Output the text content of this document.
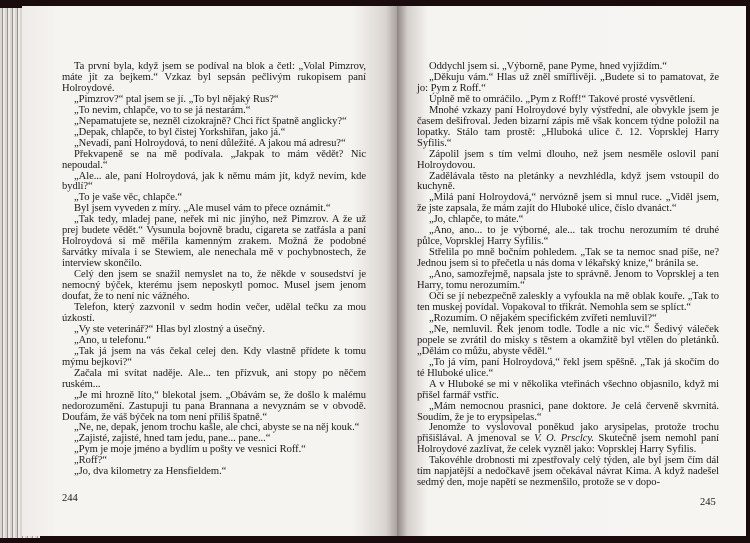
Ta první byla, když jsem se podíval na blok a četl: „Volal Pimzrov, máte jít za bejkem.“ Vzkaz byl sepsán pečlivým rukopisem paní Holroydové.

„Pimzrov?“ ptal jsem se jí. „To byl nějaký Rus?“

„To nevim, chlapče, vo to se já nestarám.“

„Nepamatujete se, nezněl cizokrajně? Chci říct špatně anglicky?“

„Depak, chlapče, to byl čistej Yorkshiřan, jako já.“

„Nevadí, paní Holroydová, to není důležité. A jakou má adresu?“

Překvapeně se na mě podívala. „Jakpak to mám vědět? Nic nepoudal.“

„Ale... ale, paní Holroydová, jak k němu mám jít, když nevím, kde bydlí?“

„To je vaše věc, chlapče.“

Byl jsem vyveden z míry. „Ale musel vám to přece oznámit.“

„Tak tedy, mladej pane, neřek mi nic jinýho, než Pimzrov. A že už prej budete vědět.“ Vysunula bojovně bradu, cigareta se zatřásla a paní Holroydová si mě měřila kamenným zrakem. Možná že podobné šarvátky mívala i se Stewiem, ale nenechala mě v pochybnostech, že interview skončilo.

Celý den jsem se snažil nemyslet na to, že někde v sousedství je nemocný býček, kterému jsem neposkytl pomoc. Musel jsem jenom doufat, že to není nic vážného.

Telefon, který zazvonil v sedm hodin večer, udělal tečku za mou úzkostí.

„Vy ste veterinář?“ Hlas byl zlostný a úsečný.

„Ano, u telefonu.“

„Tak já jsem na vás čekal celej den. Kdy vlastně přídete k tomu mýmu bejkovi?“

Začala mi svítat naděje. Ale... ten přízvuk, ani stopy po něčem ruském...

„Je mi hrozně líto,“ blekotal jsem. „Obávám se, že došlo k malému nedorozumění. Zastupuji tu pana Brannana a nevyznám se v obvodě. Doufám, že váš býček na tom není příliš špatně.“

„Ne, ne, depak, jenom trochu kašle, ale chci, abyste se na něj kouk.“

„Zajisté, zajisté, hned tam jedu, pane... pane...“

„Pym je moje jméno a bydlím u pošty ve vesnici Roff.“

„Roff?“

„Jo, dva kilometry za Hensfieldem.“

244

Oddychl jsem si. „Výborně, pane Pyme, hned vyjíždím.“

„Děkuju vám.“ Hlas už zněl smířlivěji. „Budete si to pamatovat, že jo: Pym z Roff.“

Úplně mě to omráčilo. „Pym z Roff!“ Takové prosté vysvětlení.

Mnohé vzkazy paní Holroydové byly výstřední, ale obvykle jsem je časem dešifroval. Jeden bizarní zápis mě však koncem týdne položil na lopatky. Stálo tam prostě: „Hluboká ulice č. 12. Voprsklej Harry Syfilis.“

Zápolil jsem s tím velmi dlouho, než jsem nesměle oslovil paní Holroydovou.

Zadělávala těsto na pletánky a nevzhlédla, když jsem vstoupil do kuchyně.

„Milá paní Holroydová,“ nervózně jsem si mnul ruce. „Viděl jsem, že jste zapsala, že mám zajít do Hluboké ulice, číslo dvanáct.“

„Jo, chlapče, to máte.“

„Ano, ano... to je výborné, ale... tak trochu nerozumím té druhé půlce, Voprsklej Harry Syfilis.“

Střelila po mně bočním pohledem. „Tak se ta nemoc snad píše, ne? Jednou jsem si to přečetla u nás doma v lékařský knize,“ bránila se.

„Ano, samozřejmě, napsala jste to správně. Jenom to Voprsklej a ten Harry, tomu nerozumím.“

Oči se jí nebezpečně zaleskly a vyfoukla na mě oblak kouře. „Tak to ten muskej povídal. Vopakoval to třikrát. Nemohla sem se splíct.“

„Rozumím. O nějakém specifickém zvířeti nemluvil?“

„Ne, nemluvil. Řek jenom todle. Todle a nic víc.“ Šedivý váleček popele se zvrátil do misky s těstem a okamžitě byl vtělen do pletánků. „Dělám co můžu, abyste věděl.“

„To já vím, paní Holroydová,“ řekl jsem spěšně. „Tak já skočím do té Hluboké ulice.“

A v Hluboké se mi v několika vteřinách všechno objasnilo, když mi přišel farmář vstříc.

„Mám nemocnou prasnici, pane doktore. Je celá červeně skvrnitá. Soudím, že je to erypsipelas.“

Jenomže to vyslovoval poněkud jako arysipelas, protože trochu přišišlával. A jmenoval se V. O. Prsclcy. Skutečně jsem nemohl paní Holroydové zazlívat, že celek vyzněl jako: Voprsklej Harry Syfilis.

Takovéhle drobnosti mi zpestřovaly celý týden, ale byl jsem čím dál tím napjatější a nedočkavě jsem očekával návrat Kima. A když nadešel sedmý den, moje napětí se nezmenšilo, protože se v dopo-

245
